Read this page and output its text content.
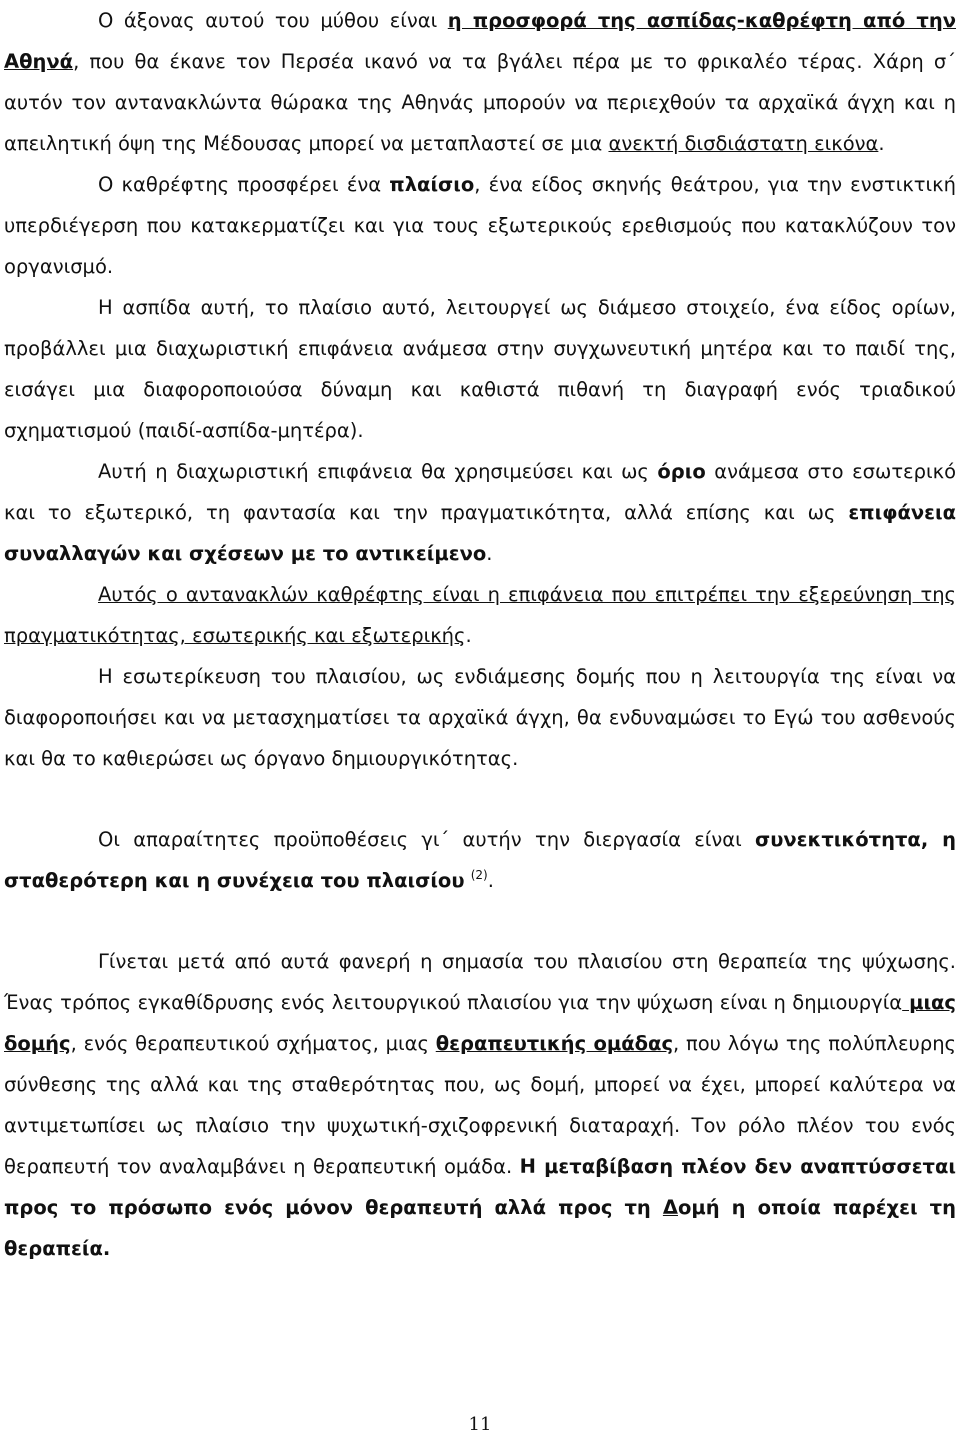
Ο άξονας αυτού του μύθου είναι η προσφορά της ασπίδας-καθρέφτη από την Αθηνά, που θα έκανε τον Περσέα ικανό να τα βγάλει πέρα με το φρικαλέο τέρας. Χάρη σ΄ αυτόν τον αντανακλώντα θώρακα της Αθηνάς μπορούν να περιεχθούν τα αρχαϊκά άγχη και η απειλητική όψη της Μέδουσας μπορεί να μεταπλαστεί σε μια ανεκτή δισδιάστατη εικόνα.

Ο καθρέφτης προσφέρει ένα πλαίσιο, ένα είδος σκηνής θεάτρου, για την ενστικτική υπερδιέγερση που κατακερματίζει και για τους εξωτερικούς ερεθισμούς που κατακλύζουν τον οργανισμό.

Η ασπίδα αυτή, το πλαίσιο αυτό, λειτουργεί ως διάμεσο στοιχείο, ένα είδος ορίων, προβάλλει μια διαχωριστική επιφάνεια ανάμεσα στην συγχωνευτική μητέρα και το παιδί της, εισάγει μια διαφοροποιούσα δύναμη και καθιστά πιθανή τη διαγραφή ενός τριαδικού σχηματισμού (παιδί-ασπίδα-μητέρα).

Αυτή η διαχωριστική επιφάνεια θα χρησιμεύσει και ως όριο ανάμεσα στο εσωτερικό και το εξωτερικό, τη φαντασία και την πραγματικότητα, αλλά επίσης και ως επιφάνεια συναλλαγών και σχέσεων με το αντικείμενο.

Αυτός ο αντανακλών καθρέφτης είναι η επιφάνεια που επιτρέπει την εξερεύνηση της πραγματικότητας, εσωτερικής και εξωτερικής.

Η εσωτερίκευση του πλαισίου, ως ενδιάμεσης δομής που η λειτουργία της είναι να διαφοροποιήσει και να μετασχηματίσει τα αρχαϊκά άγχη, θα ενδυναμώσει το Εγώ του ασθενούς και θα το καθιερώσει ως όργανο δημιουργικότητας.

Οι απαραίτητες προϋποθέσεις γι΄ αυτήν την διεργασία είναι συνεκτικότητα, η σταθερότερη και η συνέχεια του πλαισίου $^{(2)}$.

Γίνεται μετά από αυτά φανερή η σημασία του πλαισίου στη θεραπεία της ψύχωσης. Ένας τρόπος εγκαθίδρυσης ενός λειτουργικού πλαισίου για την ψύχωση είναι η δημιουργία μιας δομής, ενός θεραπευτικού σχήματος, μιας θεραπευτικής ομάδας, που λόγω της πολύπλευρης σύνθεσης της αλλά και της σταθερότητας που, ως δομή, μπορεί να έχει, μπορεί καλύτερα να αντιμετωπίσει ως πλαίσιο την ψυχωτική-σχιζοφρενική διαταραχή. Τον ρόλο πλέον του ενός θεραπευτή τον αναλαμβάνει η θεραπευτική ομάδα. Η μεταβίβαση πλέον δεν αναπτύσσεται προς το πρόσωπο ενός μόνον θεραπευτή αλλά προς τη Δομή η οποία παρέχει τη θεραπεία.

11
